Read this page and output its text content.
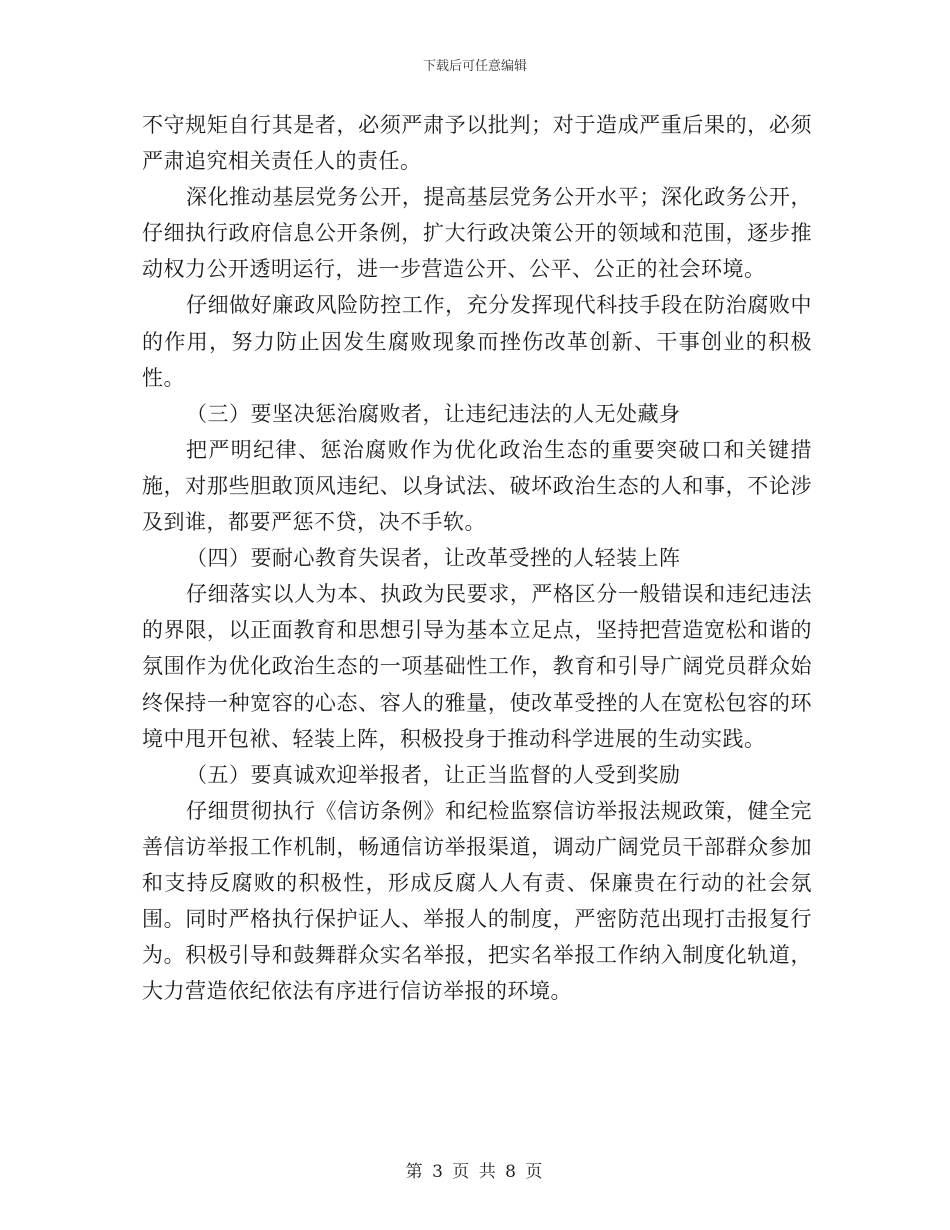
下载后可任意编辑

不守规矩自行其是者，必须严肃予以批判；对于造成严重后果的，必须严肃追究相关责任人的责任。

深化推动基层党务公开，提高基层党务公开水平；深化政务公开，仔细执行政府信息公开条例，扩大行政决策公开的领域和范围，逐步推动权力公开透明运行，进一步营造公开、公平、公正的社会环境。

仔细做好廉政风险防控工作，充分发挥现代科技手段在防治腐败中的作用，努力防止因发生腐败现象而挫伤改革创新、干事创业的积极性。

（三）要坚决惩治腐败者，让违纪违法的人无处藏身

把严明纪律、惩治腐败作为优化政治生态的重要突破口和关键措施，对那些胆敢顶风违纪、以身试法、破坏政治生态的人和事，不论涉及到谁，都要严惩不贷，决不手软。

（四）要耐心教育失误者，让改革受挫的人轻装上阵

仔细落实以人为本、执政为民要求，严格区分一般错误和违纪违法的界限，以正面教育和思想引导为基本立足点，坚持把营造宽松和谐的氛围作为优化政治生态的一项基础性工作，教育和引导广阔党员群众始终保持一种宽容的心态、容人的雅量，使改革受挫的人在宽松包容的环境中甩开包袱、轻装上阵，积极投身于推动科学进展的生动实践。

（五）要真诚欢迎举报者，让正当监督的人受到奖励

仔细贯彻执行《信访条例》和纪检监察信访举报法规政策，健全完善信访举报工作机制，畅通信访举报渠道，调动广阔党员干部群众参加和支持反腐败的积极性，形成反腐人人有责、保廉贵在行动的社会氛围。同时严格执行保护证人、举报人的制度，严密防范出现打击报复行为。积极引导和鼓舞群众实名举报，把实名举报工作纳入制度化轨道，大力营造依纪依法有序进行信访举报的环境。

第 3 页 共 8 页
